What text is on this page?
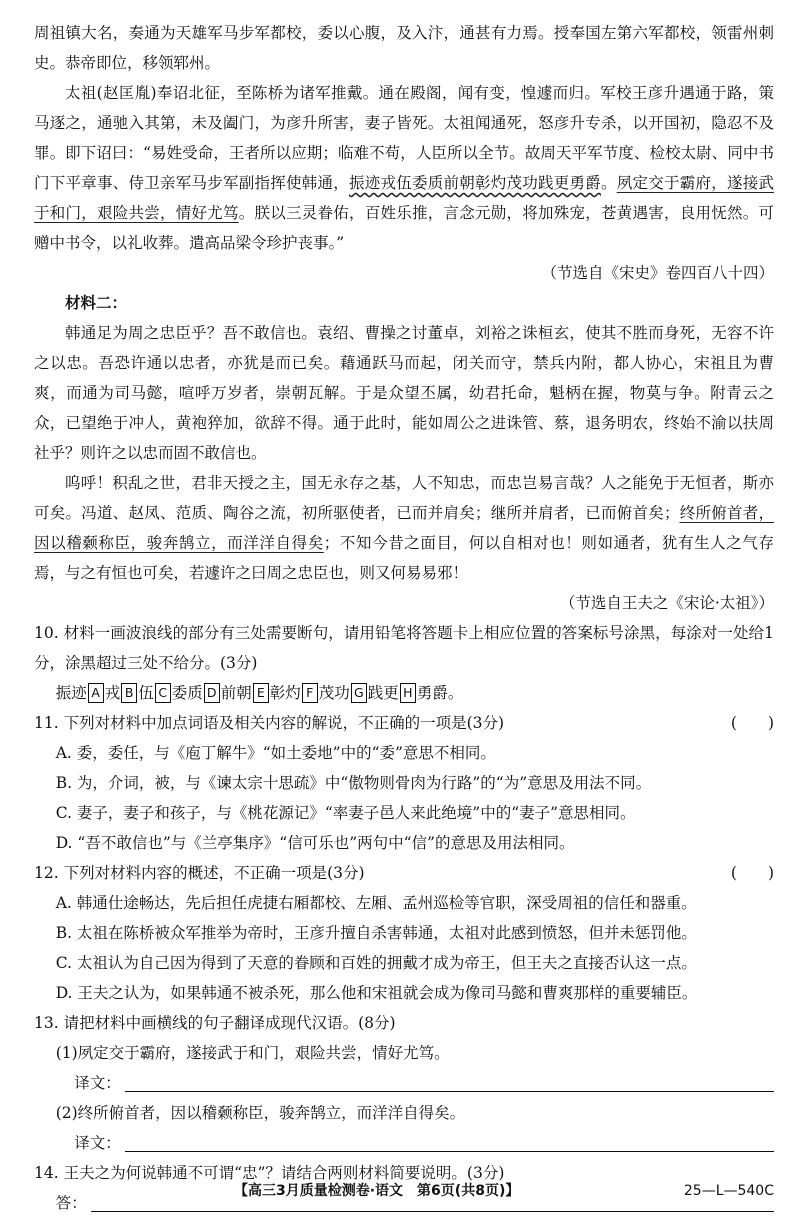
周祖镇大名，奏通为天雄军马步军都校，委以心腹，及入汴，通甚有力焉。授奉国左第六军都校，领雷州刺史。恭帝即位，移领郓州。

太祖(赵匡胤)奉诏北征，至陈桥为诸军推戴。通在殿阁，闻有变，惶遽而归。军校王彦升遇通于路，策马逐之，通驰入其第，未及阖门，为彦升所害，妻子皆死。太祖闻通死，怒彦升专杀，以开国初，隐忍不及罪。即下诏曰：“易姓受命，王者所以应期；临难不苟，人臣所以全节。故周天平军节度、检校太尉、同中书门下平章事、侍卫亲军马步军副指挥使韩通，振迹戎伍委质前朝彰灼茂功践更勇爵。夙定交于霸府，遂接武于和门，艰险共尝，情好尤笃。朕以三灵眷佑，百姓乐推，言念元勋，将加殊宠，苍黄遇害，良用怃然。可赠中书令，以礼收葬。遣高品梁令珍护丧事。”

（节选自《宋史》卷四百八十四）

材料二：

韩通足为周之忠臣乎？吾不敢信也。袁绍、曹操之讨董卓，刘裕之诛桓玄，使其不胜而身死，无容不许之以忠。吾恐许通以忠者，亦犹是而已矣。藉通跃马而起，闭关而守，禁兵内附，都人协心，宋祖且为曹爽，而通为司马懿，喧呼万岁者，崇朝瓦解。于是众望丕属，幼君托命，魁柄在握，物莫与争。附青云之众，已望绝于冲人，黄袍猝加，欲辞不得。通于此时，能如周公之进诛管、蔡，退务明农，终始不渝以扶周社乎？则许之以忠而固不敢信也。

呜呼！积乱之世，君非天授之主，国无永存之基，人不知忠，而忠岂易言哉？人之能免于无恒者，斯亦可矣。冯道、赵凤、范质、陶谷之流，初所驱使者，已而并肩矣；继所并肩者，已而俯首矣；终所俯首者，因以稽颡称臣，骏奔鹄立，而洋洋自得矣；不知今昔之面目，何以自相对也！则如通者，犹有生人之气存焉，与之有恒也可矣，若遽许之曰周之忠臣也，则又何易易邪！

（节选自王夫之《宋论·太祖》）

10. 材料一画波浪线的部分有三处需要断句，请用铅笔将答题卡上相应位置的答案标号涂黑，每涂对一处给1分，涂黑超过三处不给分。(3分)

振迹 A 戎 B 伍 C 委质 D 前朝 E 彰灼 F 茂功 G 践更 H 勇爵。

11. 下列对材料中加点词语及相关内容的解说，不正确的一项是(3分)	(　　)

A. 委，委任，与《庖丁解牛》“如土委地”中的“委”意思不相同。

B. 为，介词，被，与《谏太宗十思疏》中“傲物则骨肉为行路”的“为”意思及用法不同。

C. 妻子，妻子和孩子，与《桃花源记》“率妻子邑人来此绝境”中的“妻子”意思相同。

D. “吾不敢信也”与《兰亭集序》“信可乐也”两句中“信”的意思及用法相同。

12. 下列对材料内容的概述，不正确一项是(3分)	(　　)

A. 韩通仕途畅达，先后担任虎捷右厢都校、左厢、孟州巡检等官职，深受周祖的信任和器重。

B. 太祖在陈桥被众军推举为帝时，王彦升擅自杀害韩通，太祖对此感到愤怒，但并未惩罚他。

C. 太祖认为自己因为得到了天意的眷顾和百姓的拥戴才成为帝王，但王夫之直接否认这一点。

D. 王夫之认为，如果韩通不被杀死，那么他和宋祖就会成为像司马懿和曹爽那样的重要辅臣。

13. 请把材料中画横线的句子翻译成现代汉语。(8分)

(1)夙定交于霸府，遂接武于和门，艰险共尝，情好尤笃。

译文：

(2)终所俯首者，因以稽颡称臣，骏奔鹄立，而洋洋自得矣。

译文：

14. 王夫之为何说韩通不可谓“忠”？请结合两则材料简要说明。(3分)

答：
【高三3月质量检测卷·语文　第6页(共8页)】	25—L—540C
